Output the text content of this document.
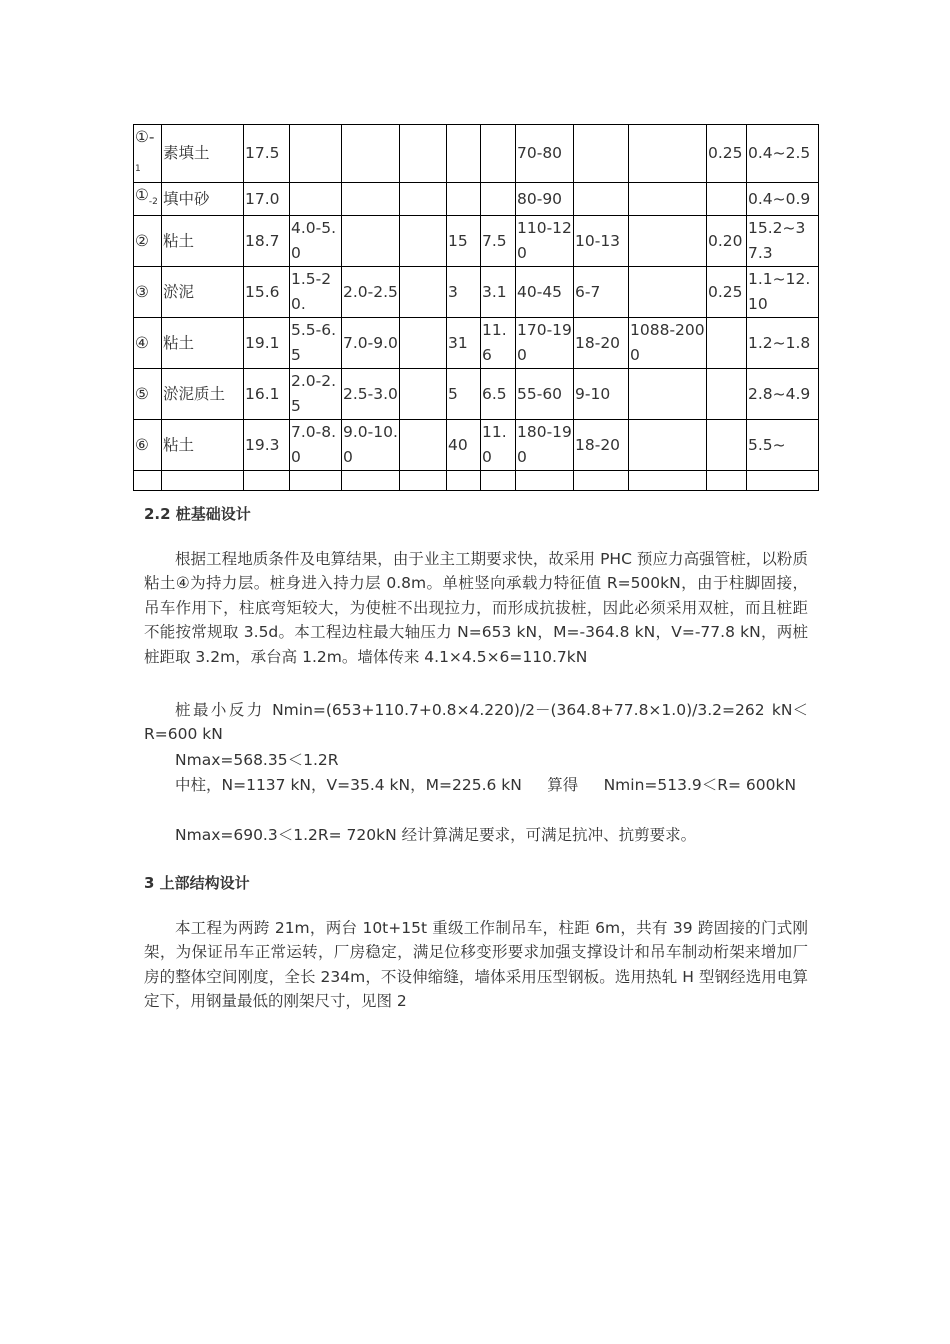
$①-_1$	素填土	17.5						70-80			0.25	0.4~2.5
$①_{-2}$	填中砂	17.0						80-90				0.4~0.9
②	粘土	18.7	4.0-5.0			15	7.5	110-120	10-13		0.20	15.2~37.3
③	淤泥	15.6	1.5-20.	2.0-2.5		3	3.1	40-45	6-7		0.25	1.1~12.10
④	粘土	19.1	5.5-6.5	7.0-9.0		31	11.6	170-190	18-20	1088-2000		1.2~1.8
⑤	淤泥质土	16.1	2.0-2.5	2.5-3.0		5	6.5	55-60	9-10			2.8~4.9
⑥	粘土	19.3	7.0-8.0	9.0-10.0		40	11.0	180-190	18-20			5.5~

2.2 桩基础设计

根据工程地质条件及电算结果，由于业主工期要求快，故采用 PHC 预应力高强管桩，以粉质粘土④为持力层。桩身进入持力层 0.8m。单桩竖向承载力特征值 R=500kN，由于柱脚固接，吊车作用下，柱底弯矩较大，为使桩不出现拉力，而形成抗拔桩，因此必须采用双桩，而且桩距不能按常规取 3.5d。本工程边柱最大轴压力 N=653 kN，M=-364.8 kN，V=-77.8 kN，两桩桩距取 3.2m，承台高 1.2m。墙体传来 4.1×4.5×6=110.7kN

桩最小反力 Nmin=(653+110.7+0.8×4.220)/2－(364.8+77.8×1.0)/3.2=262 kN＜R=600 kN

Nmax=568.35＜1.2R

中柱，N=1137 kN，V=35.4 kN，M=225.6 kN 　 算得 　 Nmin=513.9＜R= 600kN

Nmax=690.3＜1.2R= 720kN 经计算满足要求，可满足抗冲、抗剪要求。

3 上部结构设计

本工程为两跨 21m，两台 10t+15t 重级工作制吊车，柱距 6m，共有 39 跨固接的门式刚架，为保证吊车正常运转，厂房稳定，满足位移变形要求加强支撑设计和吊车制动桁架来增加厂房的整体空间刚度，全长 234m，不设伸缩缝，墙体采用压型钢板。选用热轧 H 型钢经选用电算定下，用钢量最低的刚架尺寸，见图 2
